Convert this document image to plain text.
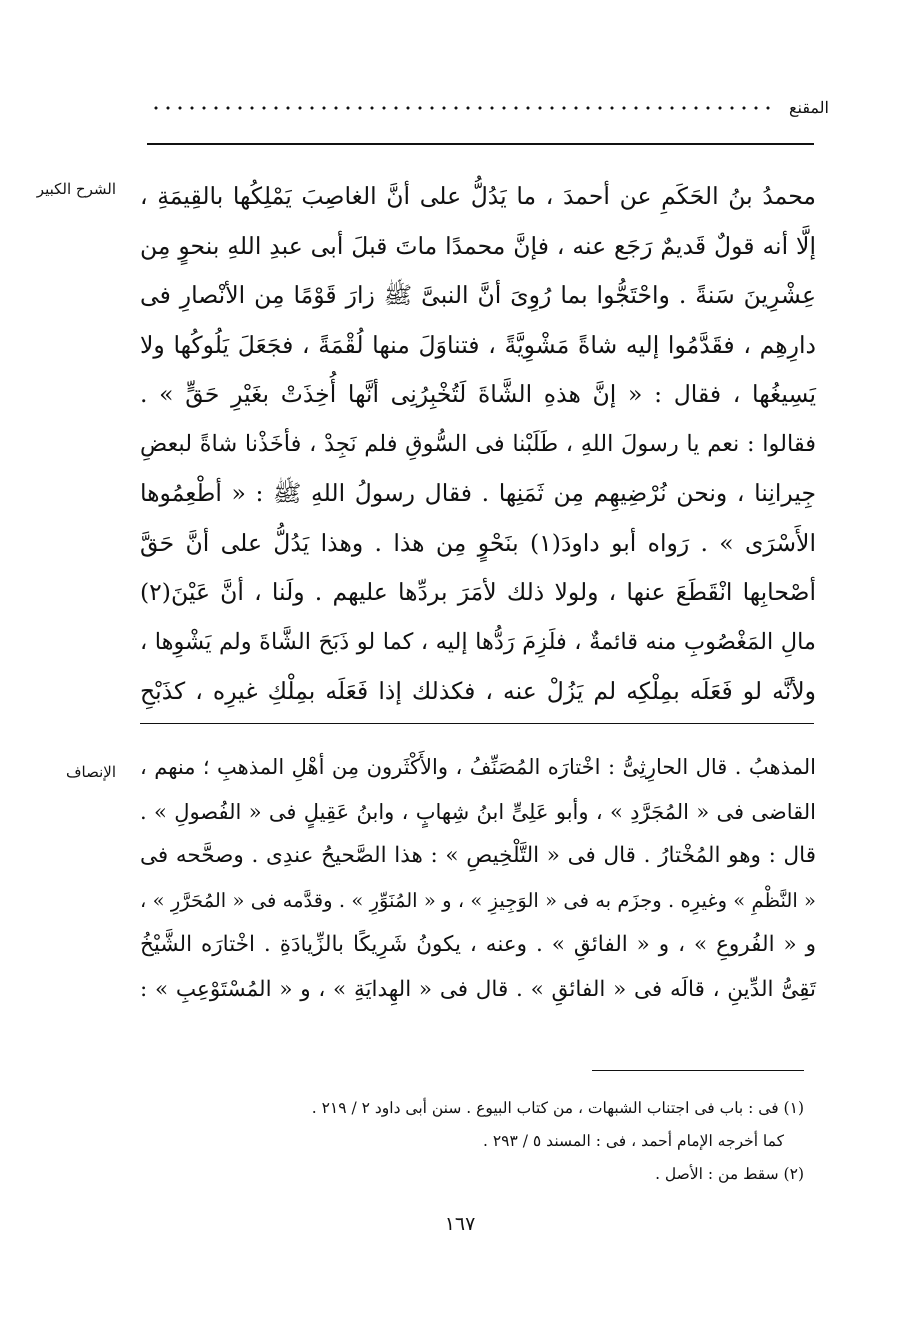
المقنع
الشرح الكبير محمدُ بنُ الحَكَمِ عن أحمدَ ، ما يَدُلُّ على أنَّ الغاصِبَ يَمْلِكُها بالقِيمَةِ ،
إلَّا أنه قولٌ قَديمٌ رَجَع عنه ، فإنَّ محمدًا ماتَ قبلَ أبى عبدِ اللهِ بنحوٍ مِن
عِشْرِينَ سَنةً . واحْتَجُّوا بما رُوِىَ أنَّ النبىَّ ﷺ زارَ قَوْمًا مِن الأنْصارِ فى
دارِهِم ، فقَدَّمُوا إليه شاةً مَشْوِيَّةً ، فتناوَلَ منها لُقْمَةً ، فجَعَلَ يَلُوكُها ولا
يَسِيغُها ، فقال : « إنَّ هذهِ الشَّاةَ لَتُخْبِرُنِى أنَّها أُخِذَتْ بغَيْرِ حَقٍّ » .
فقالوا : نعم يا رسولَ اللهِ ، طَلَبْنا فى السُّوقِ فلم نَجِدْ ، فأخَذْنا شاةً لبعضِ
جِيرانِنا ، ونحن نُرْضِيهِم مِن ثَمَنِها . فقال رسولُ اللهِ ﷺ : « أطْعِمُوها
الأَسْرَى » . رَواه أبو داودَ(١) بنَحْوٍ مِن هذا . وهذا يَدُلُّ على أنَّ حَقَّ
أصْحابِها انْقَطَعَ عنها ، ولولا ذلك لأمَرَ بردِّها عليهم . ولَنا ، أنَّ عَيْنَ(٢)
مالِ المَغْصُوبِ منه قائمةٌ ، فلَزِمَ رَدُّها إليه ، كما لو ذَبَحَ الشَّاةَ ولم يَشْوِها ،
ولأنَّه لو فَعَلَه بمِلْكِه لم يَزُلْ عنه ، فكذلك إذا فَعَلَه بمِلْكِ غيرِه ، كذَبْحِ
الإنصاف المذهبُ . قال الحارِثِىُّ : اخْتارَه المُصَنِّفُ ، والأَكْثَرون مِن أهْلِ المذهبِ ؛ منهم ،
القاضى فى « المُجَرَّدِ » ، وأبو عَلِىٍّ ابنُ شِهابٍ ، وابنُ عَقِيلٍ فى « الفُصولِ » .
قال : وهو المُخْتارُ . قال فى « التَّلْخِيصِ » : هذا الصَّحيحُ عندِى . وصحَّحه فى
« النَّظْمِ » وغيرِه . وجزَم به فى « الوَجِيزِ » ، و « المُنَوِّرِ » . وقدَّمه فى « المُحَرَّرِ » ،
و « الفُروعِ » ، و « الفائقِ » . وعنه ، يكونُ شَرِيكًا بالزِّيادَةِ . اخْتارَه الشَّيْخُ
تَقِىُّ الدِّينِ ، قالَه فى « الفائقِ » . قال فى « الهِدايَةِ » ، و « المُسْتَوْعِبِ » :
(١) فى : باب فى اجتناب الشبهات ، من كتاب البيوع . سنن أبى داود ٢ / ٢١٩ .
كما أخرجه الإمام أحمد ، فى : المسند ٥ / ٢٩٣ .
(٢) سقط من : الأصل .
١٦٧
